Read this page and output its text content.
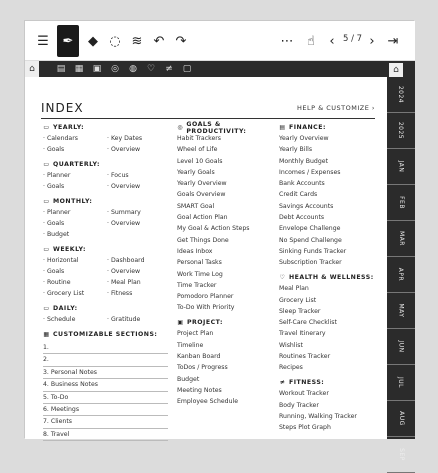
☰	✒	◆ ◌ ≋ ↶ ↷	⋯	☝	‹ 5 / 7 › ⇥
⌂	▤ ▦ ▣ ◎ ◍ ♡ ≠ ▢	⌂
INDEX	HELP & CUSTOMIZE ›
▭ YEARLY:
· Calendars	· Key Dates
· Goals	· Overview
▭ QUARTERLY:
· Planner	· Focus
· Goals	· Overview
▭ MONTHLY:
· Planner	· Summary
· Goals	· Overview
· Budget
▭ WEEKLY:
· Horizontal	· Dashboard
· Goals	· Overview
· Routine	· Meal Plan
· Grocery List	· Fitness
▭ DAILY:
· Schedule	· Gratitude
▦ CUSTOMIZABLE SECTIONS:
1.
2.
3. Personal Notes
4. Business Notes
5. To-Do
6. Meetings
7. Clients
8. Travel
◎ GOALS & PRODUCTIVITY:
Habit Trackers
Wheel of Life
Level 10 Goals
Yearly Goals
Yearly Overview
Goals Overview
SMART Goal
Goal Action Plan
My Goal & Action Steps
Get Things Done
Ideas Inbox
Personal Tasks
Work Time Log
Time Tracker
Pomodoro Planner
To-Do With Priority
▣ PROJECT:
Project Plan
Timeline
Kanban Board
ToDos / Progress
Budget
Meeting Notes
Employee Schedule
▤ FINANCE:
Yearly Overview
Yearly Bills
Monthly Budget
Incomes / Expenses
Bank Accounts
Credit Cards
Savings Accounts
Debt Accounts
Envelope Challenge
No Spend Challenge
Sinking Funds Tracker
Subscription Tracker
♡ HEALTH & WELLNESS:
Meal Plan
Grocery List
Sleep Tracker
Self-Care Checklist
Travel Itinerary
Wishlist
Routines Tracker
Recipes
≠ FITNESS:
Workout Tracker
Body Tracker
Running, Walking Tracker
Steps Plot Graph
2024
2025
JAN
FEB
MAR
APR
MAY
JUN
JUL
AUG
SEP
